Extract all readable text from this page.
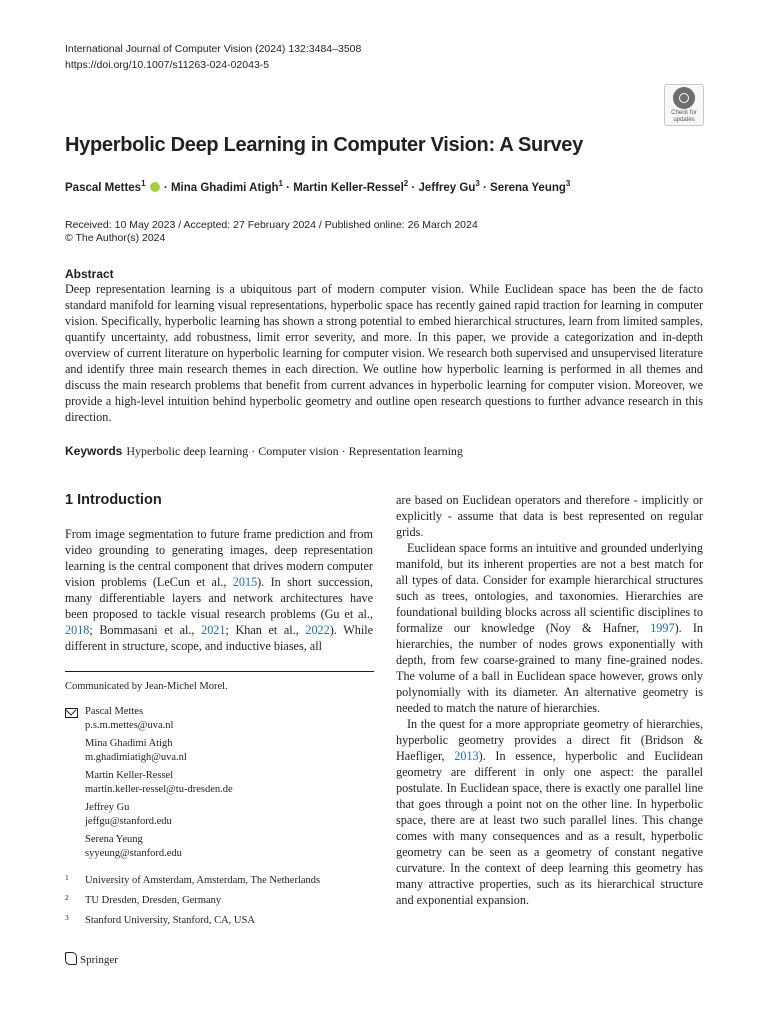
International Journal of Computer Vision (2024) 132:3484–3508
https://doi.org/10.1007/s11263-024-02043-5
Check for
updates
Hyperbolic Deep Learning in Computer Vision: A Survey
Pascal Mettes$^1$  · Mina Ghadimi Atigh$^1$ · Martin Keller-Ressel$^2$ · Jeffrey $Gu^3$ · Serena Yeung$^3$
Received: 10 May 2023 / Accepted: 27 February 2024 / Published online: 26 March 2024
© The Author(s) 2024
Abstract
Deep representation learning is a ubiquitous part of modern computer vision. While Euclidean space has been the de facto standard manifold for learning visual representations, hyperbolic space has recently gained rapid traction for learning in computer vision. Specifically, hyperbolic learning has shown a strong potential to embed hierarchical structures, learn from limited samples, quantify uncertainty, add robustness, limit error severity, and more. In this paper, we provide a categorization and in-depth overview of current literature on hyperbolic learning for computer vision. We research both supervised and unsupervised literature and identify three main research themes in each direction. We outline how hyperbolic learning is performed in all themes and discuss the main research problems that benefit from current advances in hyperbolic learning for computer vision. Moreover, we provide a high-level intuition behind hyperbolic geometry and outline open research questions to further advance research in this direction.
Keywords Hyperbolic deep learning · Computer vision · Representation learning
1 Introduction

From image segmentation to future frame prediction and from video grounding to generating images, deep representation learning is the central component that drives modern computer vision problems (LeCun et al., 2015). In short succession, many differentiable layers and network architectures have been proposed to tackle visual research problems (Gu et al., 2018; Bommasani et al., 2021; Khan et al., 2022). While different in structure, scope, and inductive biases, all

are based on Euclidean operators and therefore - implicitly or explicitly - assume that data is best represented on regular grids.

Euclidean space forms an intuitive and grounded underlying manifold, but its inherent properties are not a best match for all types of data. Consider for example hierarchical structures such as trees, ontologies, and taxonomies. Hierarchies are foundational building blocks across all scientific disciplines to formalize our knowledge (Noy & Hafner, 1997). In hierarchies, the number of nodes grows exponentially with depth, from few coarse-grained to many fine-grained nodes. The volume of a ball in Euclidean space however, grows only polynomially with its diameter. An alternative geometry is needed to match the nature of hierarchies.

In the quest for a more appropriate geometry of hierarchies, hyperbolic geometry provides a direct fit (Bridson & Haefliger, 2013). In essence, hyperbolic and Euclidean geometry are different in only one aspect: the parallel postulate. In Euclidean space, there is exactly one parallel line that goes through a point not on the other line. In hyperbolic space, there are at least two such parallel lines. This change comes with many consequences and as a result, hyperbolic geometry can be seen as a geometry of constant negative curvature. In the context of deep learning this geometry has many attractive properties, such as its hierarchical structure and exponential expansion.

Communicated by Jean-Michel Morel.
Pascal Mettes
p.s.m.mettes@uva.nl
Mina Ghadimi Atigh
m.ghadimiatigh@uva.nl
Martin Keller-Ressel
martin.keller-ressel@tu-dresden.de
Jeffrey Gu
jeffgu@stanford.edu
Serena Yeung
syyeung@stanford.edu
1 University of Amsterdam, Amsterdam, The Netherlands
2 TU Dresden, Dresden, Germany
3 Stanford University, Stanford, CA, USA
Springer
